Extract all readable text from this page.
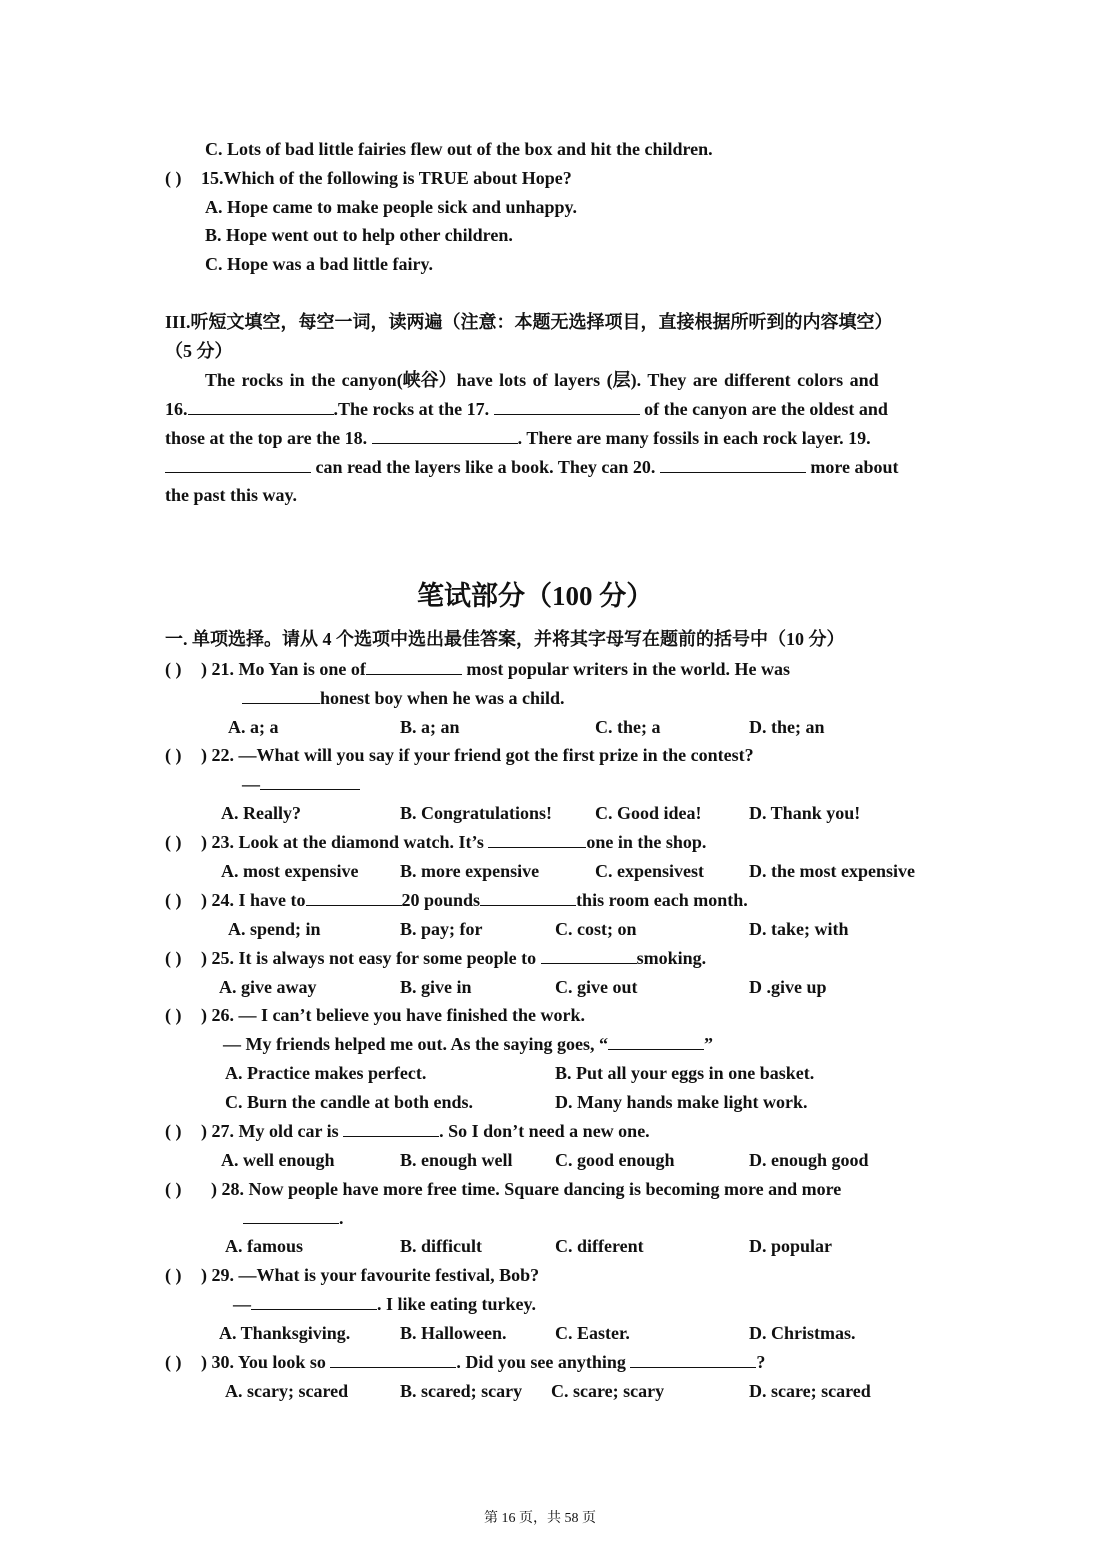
C. Lots of bad little fairies flew out of the box and hit the children.
( ) 15.Which of the following is TRUE about Hope?
A. Hope came to make people sick and unhappy.
B. Hope went out to help other children.
C. Hope was a bad little fairy.
III.听短文填空，每空一词，读两遍（注意：本题无选择项目，直接根据所听到的内容填空）
（5 分）
The rocks in the canyon(峡谷）have lots of layers (层). They are different colors and
16.	.The rocks at the 17.	of the canyon are the oldest and
those at the top are the 18.	. There are many fossils in each rock layer. 19.
can read the layers like a book. They can 20.	more about
the past this way.
笔试部分（100 分）
一. 单项选择。请从 4 个选项中选出最佳答案，并将其字母写在题前的括号中（10 分）
( ) ) 21. Mo Yan is one of	most popular writers in the world. He was
honest boy when he was a child.
A. a; a	B. a; an	C. the; a	D. the; an
( ) ) 22. —What will you say if your friend got the first prize in the contest?
—
A. Really?	B. Congratulations! C. Good idea!	D. Thank you!
( ) ) 23. Look at the diamond watch. It’s	one in the shop.
A. most expensive B. more expensive	C. expensivest	D. the most expensive
( ) ) 24. I have to	20 pounds	this room each month.
A. spend; in	B. pay; for	C. cost; on	D. take; with
( ) ) 25. It is always not easy for some people to	smoking.
A. give away	B. give in	C. give out	D .give up
( ) ) 26. — I can’t believe you have finished the work.
— My friends helped me out. As the saying goes, “	”
A. Practice makes perfect.	B. Put all your eggs in one basket.
C. Burn the candle at both ends.	D. Many hands make light work.
( ) ) 27. My old car is	. So I don’t need a new one.
A. well enough	B. enough well C. good enough	D. enough good
( ) ) 28. Now people have more free time. Square dancing is becoming more and more
.
A. famous	B. difficult	C. different	D. popular
( ) ) 29. —What is your favourite festival, Bob?
—	. I like eating turkey.
A. Thanksgiving.	B. Halloween.	C. Easter.	D. Christmas.
( ) ) 30. You look so	. Did you see anything	?
A. scary; scared	B. scared; scary C. scare; scary	D. scare; scared
第 16 页，共 58 页
